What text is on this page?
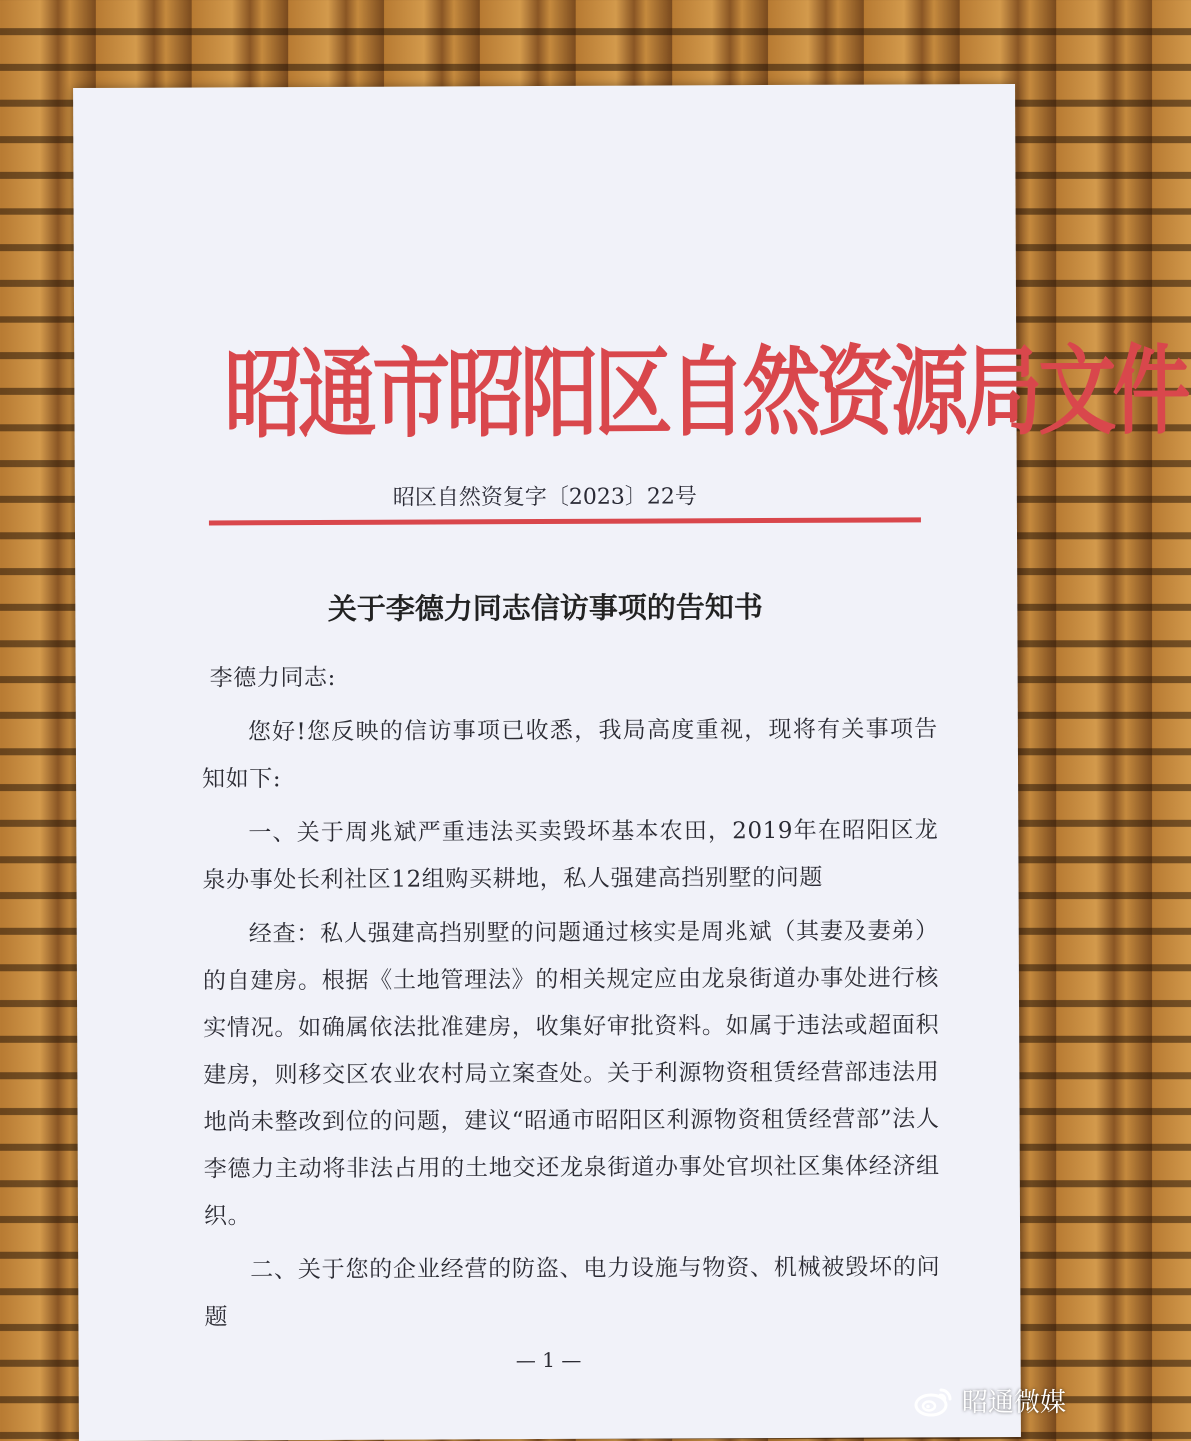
昭通市昭阳区自然资源局文件
昭区自然资复字〔2023〕22号
关于李德力同志信访事项的告知书

李德力同志:

您好!您反映的信访事项已收悉，我局高度重视，现将有关事项告知如下:

一、关于周兆斌严重违法买卖毁坏基本农田，2019年在昭阳区龙泉办事处长利社区12组购买耕地，私人强建高挡别墅的问题

经查：私人强建高挡别墅的问题通过核实是周兆斌（其妻及妻弟）的自建房。根据《土地管理法》的相关规定应由龙泉街道办事处进行核实情况。如确属依法批准建房，收集好审批资料。如属于违法或超面积建房，则移交区农业农村局立案查处。关于利源物资租赁经营部违法用地尚未整改到位的问题，建议“昭通市昭阳区利源物资租赁经营部”法人李德力主动将非法占用的土地交还龙泉街道办事处官坝社区集体经济组织。

二、关于您的企业经营的防盗、电力设施与物资、机械被毁坏的问题

— 1 —
昭通微媒
